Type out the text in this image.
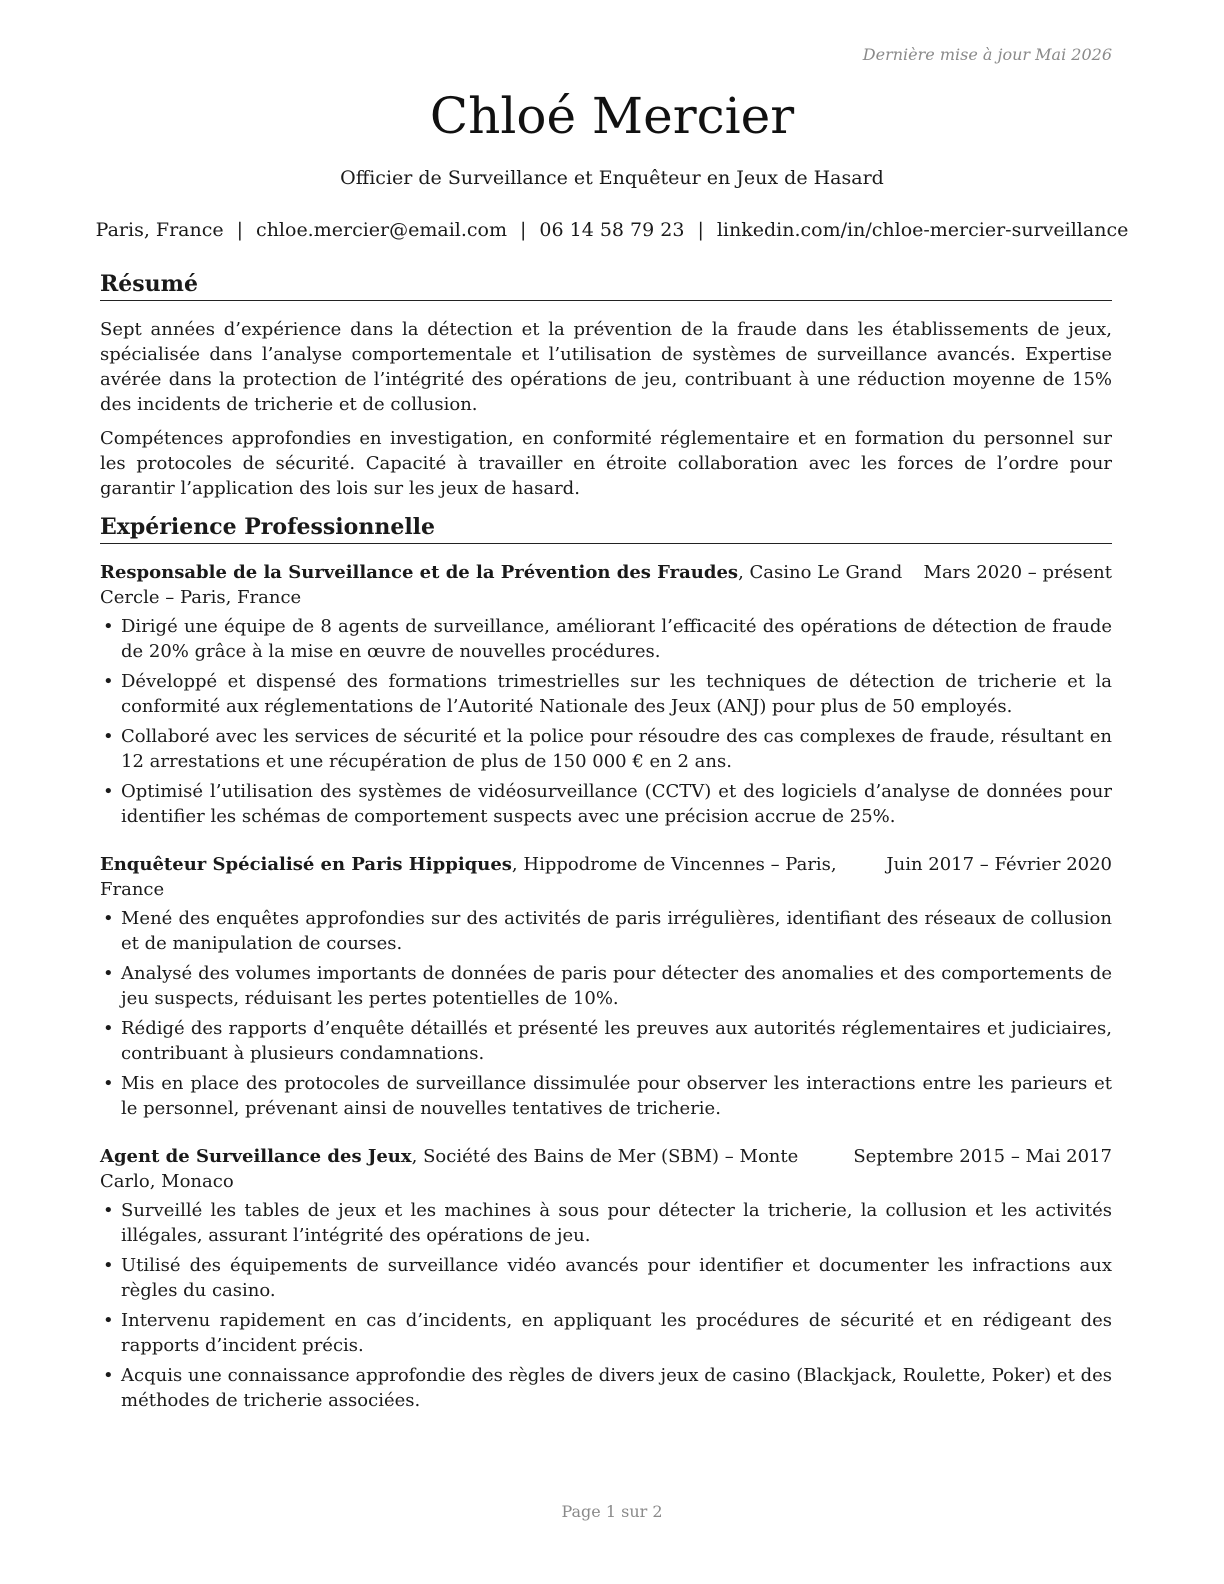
Dernière mise à jour Mai 2026
Chloé Mercier
Officier de Surveillance et Enquêteur en Jeux de Hasard
Paris, France | chloe.mercier@email.com | 06 14 58 79 23 | linkedin.com/in/chloe-mercier-surveillance
Résumé

Sept années d’expérience dans la détection et la prévention de la fraude dans les établissements de jeux, spécialisée dans l’analyse comportementale et l’utilisation de systèmes de surveillance avancés. Expertise avérée dans la protection de l’intégrité des opérations de jeu, contribuant à une réduction moyenne de 15% des incidents de tricherie et de collusion.

Compétences approfondies en investigation, en conformité réglementaire et en formation du personnel sur les protocoles de sécurité. Capacité à travailler en étroite collaboration avec les forces de l’ordre pour garantir l’application des lois sur les jeux de hasard.

Expérience Professionnelle
Mars 2020 – présent
Responsable de la Surveillance et de la Prévention des Fraudes, Casino Le Grand Cercle – Paris, France
• Dirigé une équipe de 8 agents de surveillance, améliorant l’efficacité des opérations de détection de fraude de 20% grâce à la mise en œuvre de nouvelles procédures.
• Développé et dispensé des formations trimestrielles sur les techniques de détection de tricherie et la conformité aux réglementations de l’Autorité Nationale des Jeux (ANJ) pour plus de 50 employés.
• Collaboré avec les services de sécurité et la police pour résoudre des cas complexes de fraude, résultant en 12 arrestations et une récupération de plus de 150 000 € en 2 ans.
• Optimisé l’utilisation des systèmes de vidéosurveillance (CCTV) et des logiciels d’analyse de données pour identifier les schémas de comportement suspects avec une précision accrue de 25%.
Juin 2017 – Février 2020
Enquêteur Spécialisé en Paris Hippiques, Hippodrome de Vincennes – Paris, France
• Mené des enquêtes approfondies sur des activités de paris irrégulières, identifiant des réseaux de collusion et de manipulation de courses.
• Analysé des volumes importants de données de paris pour détecter des anomalies et des comportements de jeu suspects, réduisant les pertes potentielles de 10%.
• Rédigé des rapports d’enquête détaillés et présenté les preuves aux autorités réglementaires et judiciaires, contribuant à plusieurs condamnations.
• Mis en place des protocoles de surveillance dissimulée pour observer les interactions entre les parieurs et le personnel, prévenant ainsi de nouvelles tentatives de tricherie.
Septembre 2015 – Mai 2017
Agent de Surveillance des Jeux, Société des Bains de Mer (SBM) – Monte Carlo, Monaco
• Surveillé les tables de jeux et les machines à sous pour détecter la tricherie, la collusion et les activités illégales, assurant l’intégrité des opérations de jeu.
• Utilisé des équipements de surveillance vidéo avancés pour identifier et documenter les infractions aux règles du casino.
• Intervenu rapidement en cas d’incidents, en appliquant les procédures de sécurité et en rédigeant des rapports d’incident précis.
• Acquis une connaissance approfondie des règles de divers jeux de casino (Blackjack, Roulette, Poker) et des méthodes de tricherie associées.
Page 1 sur 2
